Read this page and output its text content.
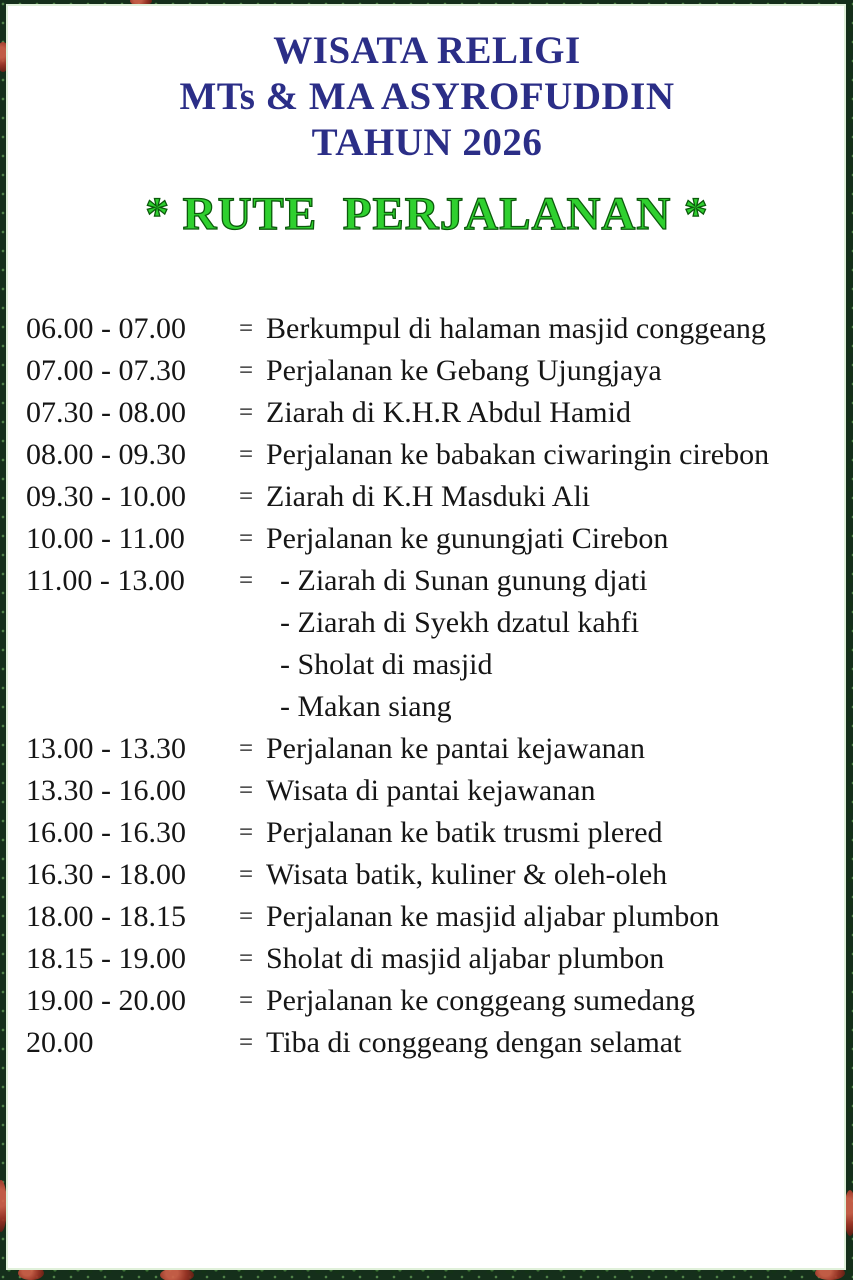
WISATA RELIGI
MTs & MA ASYROFUDDIN
TAHUN 2026
* RUTE  PERJALANAN *
06.00 - 07.00	= Berkumpul di halaman masjid conggeang
07.00 - 07.30	= Perjalanan ke Gebang Ujungjaya
07.30 - 08.00	= Ziarah di K.H.R Abdul Hamid
08.00 - 09.30	= Perjalanan ke babakan ciwaringin cirebon
09.30 - 10.00	= Ziarah di K.H Masduki Ali
10.00 - 11.00	= Perjalanan ke gunungjati Cirebon
11.00 - 13.00	= - Ziarah di Sunan gunung djati
- Ziarah di Syekh dzatul kahfi
- Sholat di masjid
- Makan siang
13.00 - 13.30	= Perjalanan ke pantai kejawanan
13.30 - 16.00	= Wisata di pantai kejawanan
16.00 - 16.30	= Perjalanan ke batik trusmi plered
16.30 - 18.00	= Wisata batik, kuliner & oleh-oleh
18.00 - 18.15	= Perjalanan ke masjid aljabar plumbon
18.15 - 19.00	= Sholat di masjid aljabar plumbon
19.00 - 20.00	= Perjalanan ke conggeang sumedang
20.00	= Tiba di conggeang dengan selamat
